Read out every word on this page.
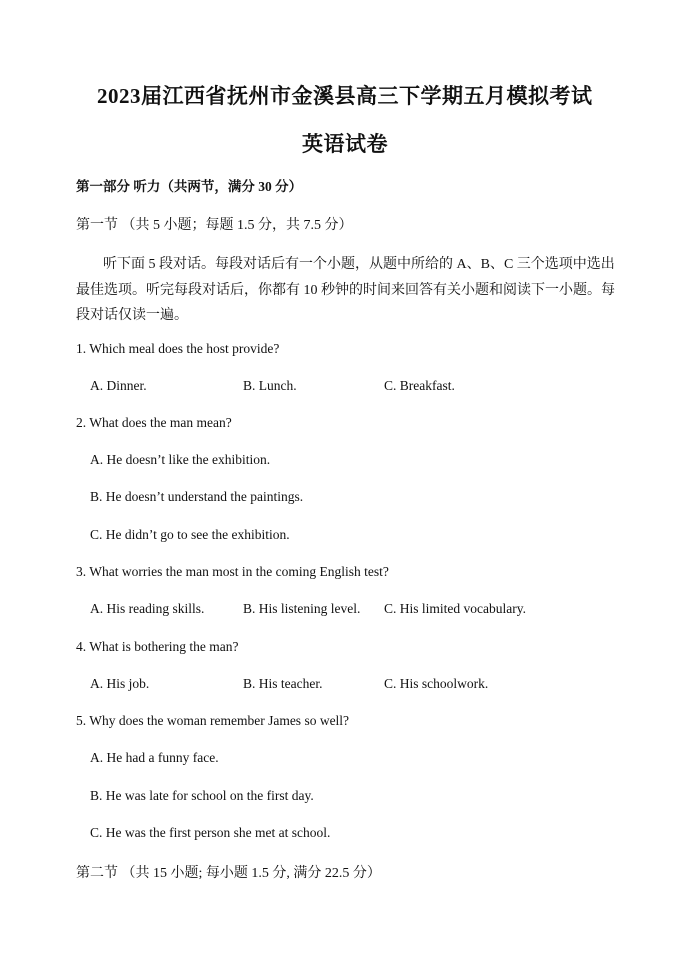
2023届江西省抚州市金溪县高三下学期五月模拟考试
英语试卷
第一部分 听力（共两节，满分 30 分）
第一节 （共 5 小题；每题 1.5 分，共 7.5 分）
听下面 5 段对话。每段对话后有一个小题，从题中所给的 A、B、C 三个选项中选出
最佳选项。听完每段对话后，你都有 10 秒钟的时间来回答有关小题和阅读下一小题。每
段对话仅读一遍。
1. Which meal does the host provide?
A. Dinner.	B. Lunch.	C. Breakfast.
2. What does the man mean?
A. He doesn’t like the exhibition.
B. He doesn’t understand the paintings.
C. He didn’t go to see the exhibition.
3. What worries the man most in the coming English test?
A. His reading skills.	B. His listening level. C. His limited vocabulary.
4. What is bothering the man?
A. His job.	B. His teacher.	C. His schoolwork.
5. Why does the woman remember James so well?
A. He had a funny face.
B. He was late for school on the first day.
C. He was the first person she met at school.
第二节 （共 15 小题; 每小题 1.5 分, 满分 22.5 分）
